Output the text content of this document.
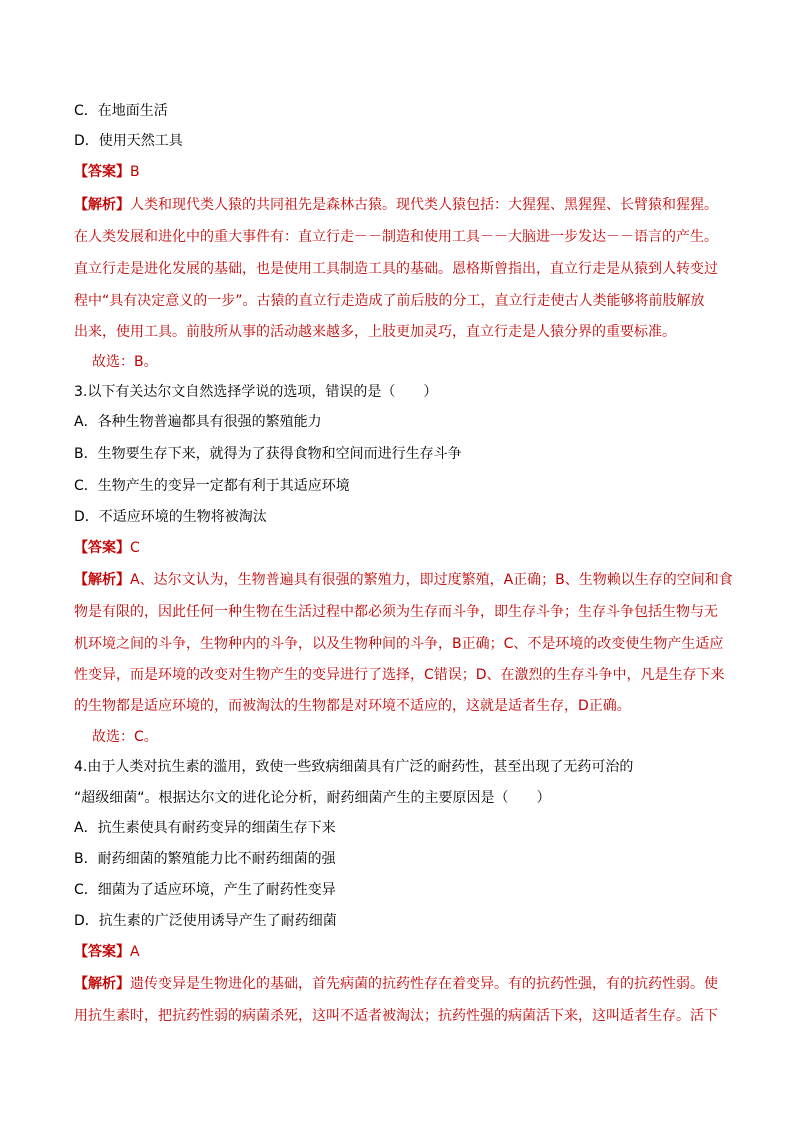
C．在地面生活
D．使用天然工具
【答案】B
【解析】人类和现代类人猿的共同祖先是森林古猿。现代类人猿包括：大猩猩、黑猩猩、长臂猿和猩猩。
在人类发展和进化中的重大事件有：直立行走－－制造和使用工具－－大脑进一步发达－－语言的产生。
直立行走是进化发展的基础，也是使用工具制造工具的基础。恩格斯曾指出，直立行走是从猿到人转变过
程中“具有决定意义的一步”。古猿的直立行走造成了前后肢的分工，直立行走使古人类能够将前肢解放
出来，使用工具。前肢所从事的活动越来越多，上肢更加灵巧，直立行走是人猿分界的重要标准。
故选：B。
3.以下有关达尔文自然选择学说的选项，错误的是（　　）
A．各种生物普遍都具有很强的繁殖能力
B．生物要生存下来，就得为了获得食物和空间而进行生存斗争
C．生物产生的变异一定都有利于其适应环境
D．不适应环境的生物将被淘汰
【答案】C
【解析】A、达尔文认为，生物普遍具有很强的繁殖力，即过度繁殖，A正确；B、生物赖以生存的空间和食
物是有限的，因此任何一种生物在生活过程中都必须为生存而斗争，即生存斗争；生存斗争包括生物与无
机环境之间的斗争，生物种内的斗争，以及生物种间的斗争，B正确；C、不是环境的改变使生物产生适应
性变异，而是环境的改变对生物产生的变异进行了选择，C错误；D、在激烈的生存斗争中，凡是生存下来
的生物都是适应环境的，而被淘汰的生物都是对环境不适应的，这就是适者生存，D正确。
故选：C。
4.由于人类对抗生素的滥用，致使一些致病细菌具有广泛的耐药性，甚至出现了无药可治的
“超级细菌“。根据达尔文的进化论分析，耐药细菌产生的主要原因是（　　）
A．抗生素使具有耐药变异的细菌生存下来
B．耐药细菌的繁殖能力比不耐药细菌的强
C．细菌为了适应环境，产生了耐药性变异
D．抗生素的广泛使用诱导产生了耐药细菌
【答案】A
【解析】遗传变异是生物进化的基础，首先病菌的抗药性存在着变异。有的抗药性强，有的抗药性弱。使
用抗生素时，把抗药性弱的病菌杀死，这叫不适者被淘汰；抗药性强的病菌活下来，这叫适者生存。活下
